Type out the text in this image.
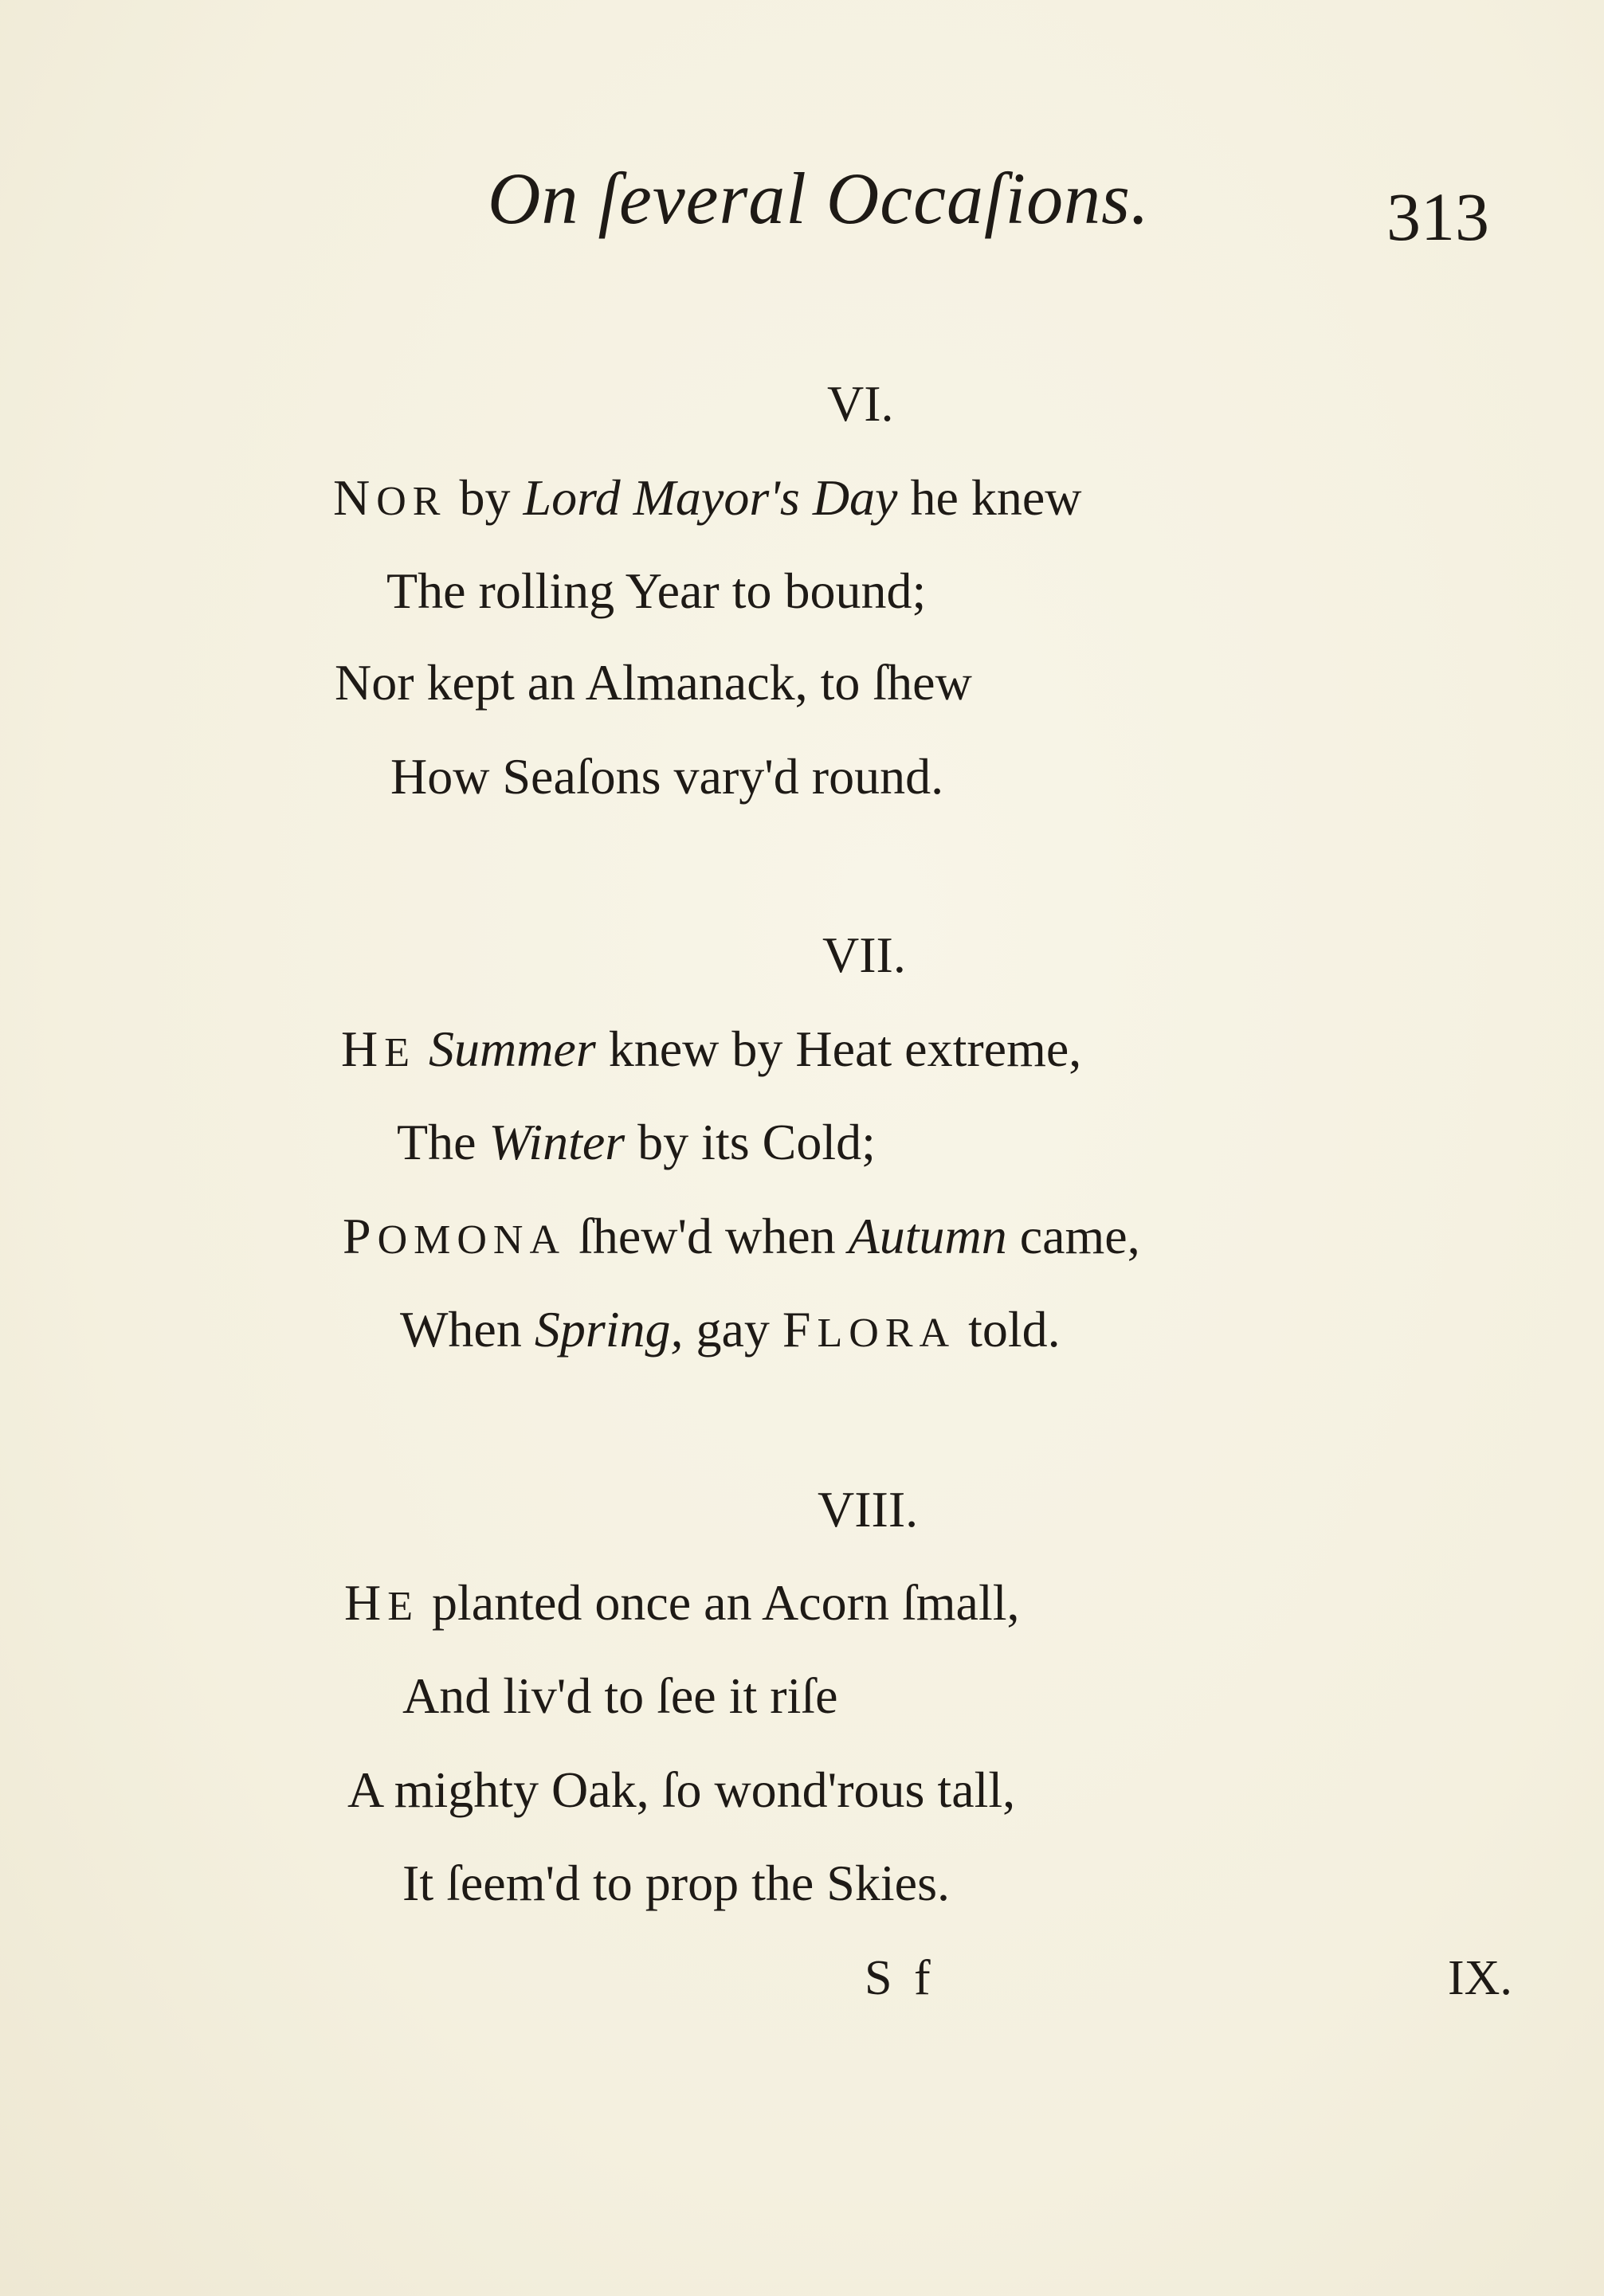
On ſeveral Occaſions.	313
VI.
NOR by Lord Mayor's Day he knew
The rolling Year to bound;
Nor kept an Almanack, to ſhew
How Seaſons vary'd round.
VII.
HE Summer knew by Heat extreme,
The Winter by its Cold;
POMONA ſhew'd when Autumn came,
When Spring, gay FLORA told.
VIII.
HE planted once an Acorn ſmall,
And liv'd to ſee it riſe
A mighty Oak, ſo wond'rous tall,
It ſeem'd to prop the Skies.
S f	IX.
